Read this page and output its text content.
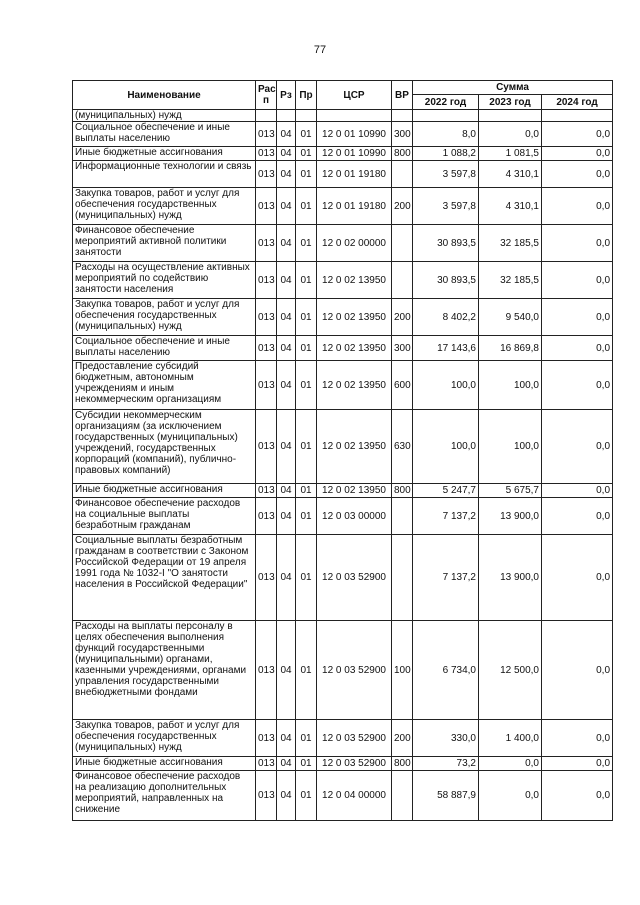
77
Наименование	Рас п	Рз	Пр	ЦСР	ВР	Сумма		
						2022 год	2023 год	2024 год
(муниципальных) нужд								
Социальное обеспечение и иные выплаты населению	013	04	01	12 0 01 10990	300	8,0	0,0	0,0
Иные бюджетные ассигнования	013	04	01	12 0 01 10990	800	1 088,2	1 081,5	0,0
Информационные технологии и связь	013	04	01	12 0 01 19180		3 597,8	4 310,1	0,0
Закупка товаров, работ и услуг для обеспечения государственных (муниципальных) нужд	013	04	01	12 0 01 19180	200	3 597,8	4 310,1	0,0
Финансовое обеспечение мероприятий активной политики занятости	013	04	01	12 0 02 00000		30 893,5	32 185,5	0,0
Расходы на осуществление активных мероприятий по содействию занятости населения	013	04	01	12 0 02 13950		30 893,5	32 185,5	0,0
Закупка товаров, работ и услуг для обеспечения государственных (муниципальных) нужд	013	04	01	12 0 02 13950	200	8 402,2	9 540,0	0,0
Социальное обеспечение и иные выплаты населению	013	04	01	12 0 02 13950	300	17 143,6	16 869,8	0,0
Предоставление субсидий бюджетным, автономным учреждениям и иным некоммерческим организациям	013	04	01	12 0 02 13950	600	100,0	100,0	0,0
Субсидии некоммерческим организациям (за исключением государственных (муниципальных) учреждений, государственных корпораций (компаний), публично-правовых компаний)	013	04	01	12 0 02 13950	630	100,0	100,0	0,0
Иные бюджетные ассигнования	013	04	01	12 0 02 13950	800	5 247,7	5 675,7	0,0
Финансовое обеспечение расходов на социальные выплаты безработным гражданам	013	04	01	12 0 03 00000		7 137,2	13 900,0	0,0
Социальные выплаты безработным гражданам в соответствии с Законом Российской Федерации от 19 апреля 1991 года № 1032-I "О занятости населения в Российской Федерации"	013	04	01	12 0 03 52900		7 137,2	13 900,0	0,0
Расходы на выплаты персоналу в целях обеспечения выполнения функций государственными (муниципальными) органами, казенными учреждениями, органами управления государственными внебюджетными фондами	013	04	01	12 0 03 52900	100	6 734,0	12 500,0	0,0
Закупка товаров, работ и услуг для обеспечения государственных (муниципальных) нужд	013	04	01	12 0 03 52900	200	330,0	1 400,0	0,0
Иные бюджетные ассигнования	013	04	01	12 0 03 52900	800	73,2	0,0	0,0
Финансовое обеспечение расходов на реализацию дополнительных мероприятий, направленных на снижение	013	04	01	12 0 04 00000		58 887,9	0,0	0,0
